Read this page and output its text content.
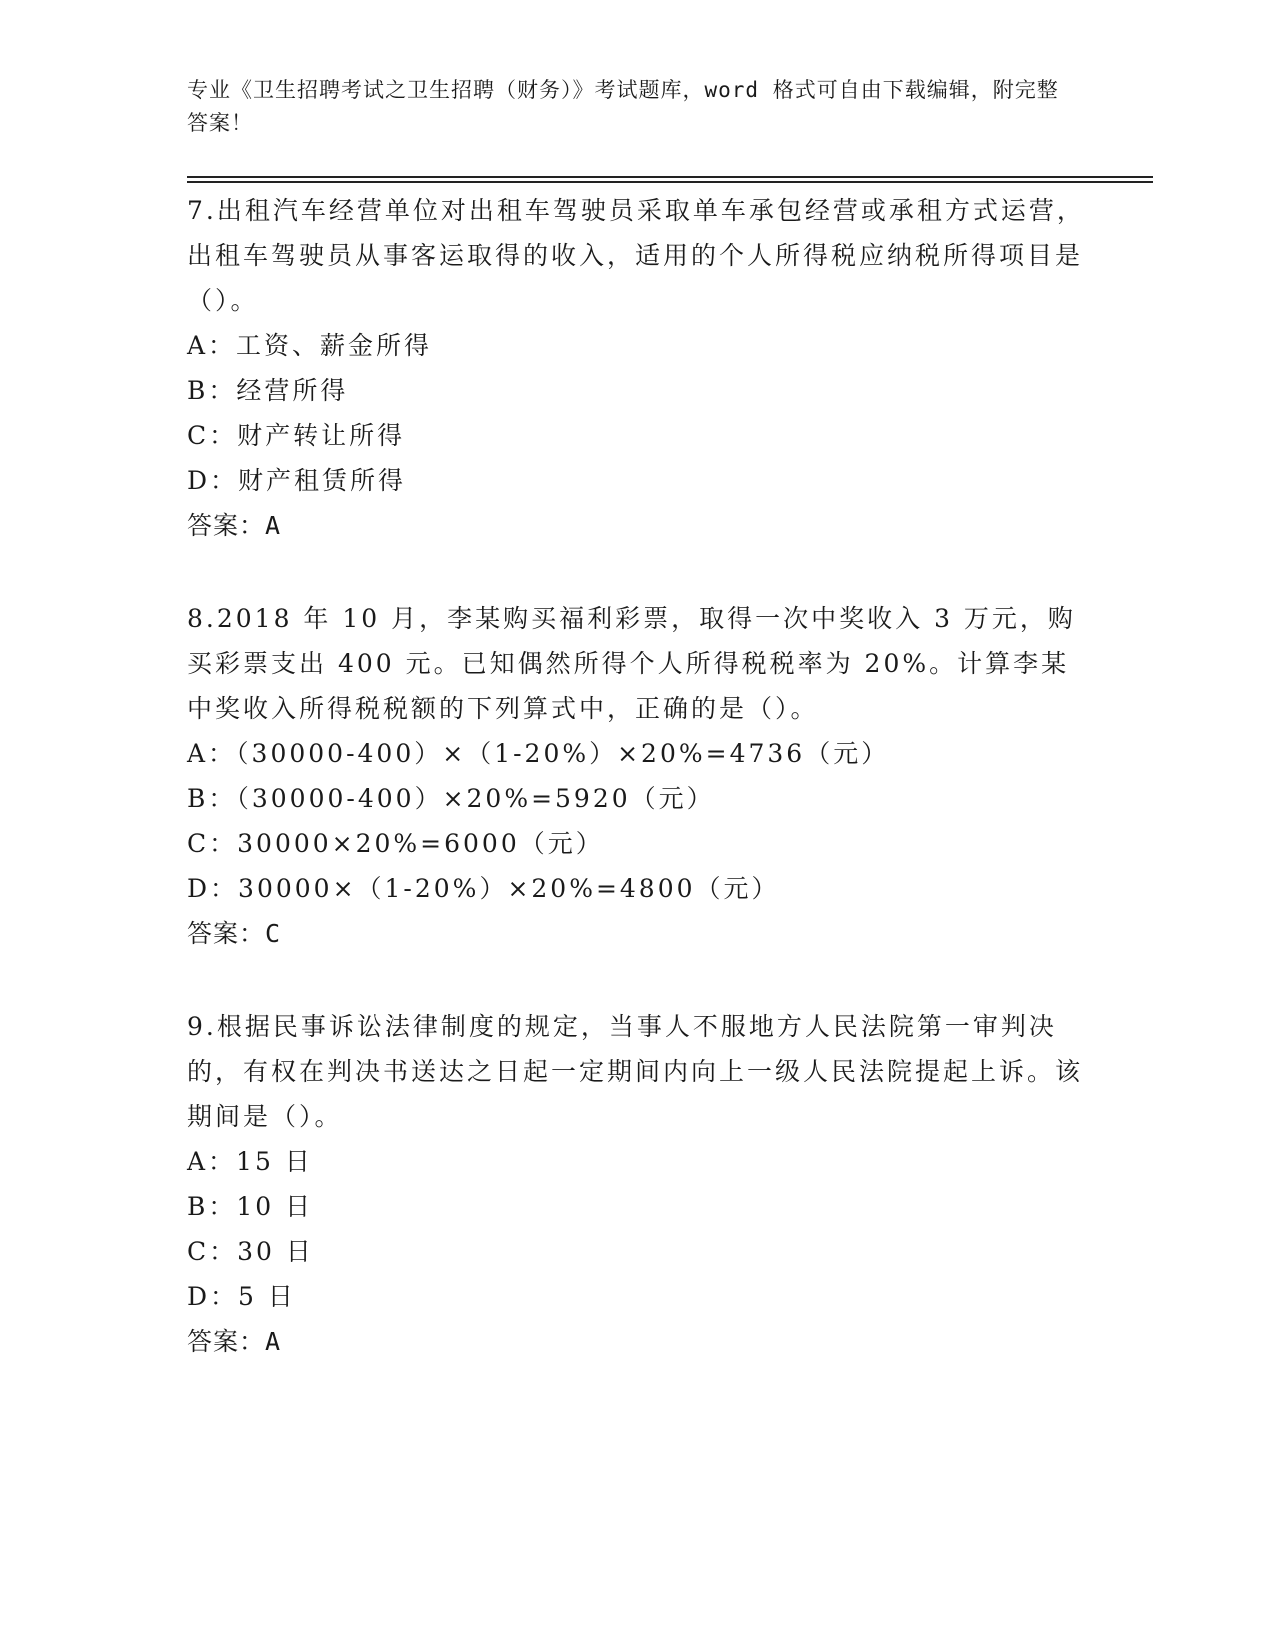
专业《卫生招聘考试之卫生招聘（财务）》考试题库，word 格式可自由下载编辑，附完整答案！

7.出租汽车经营单位对出租车驾驶员采取单车承包经营或承租方式运营，出租车驾驶员从事客运取得的收入，适用的个人所得税应纳税所得项目是（）。

A：工资、薪金所得

B：经营所得

C：财产转让所得

D：财产租赁所得

答案：A

8.2018 年 10 月，李某购买福利彩票，取得一次中奖收入 3 万元，购买彩票支出 400 元。已知偶然所得个人所得税税率为 20%。计算李某中奖收入所得税税额的下列算式中，正确的是（）。

A：（30000-400）×（1-20%）×20%=4736（元）

B：（30000-400）×20%=5920（元）

C：30000×20%=6000（元）

D：30000×（1-20%）×20%=4800（元）

答案：C

9.根据民事诉讼法律制度的规定，当事人不服地方人民法院第一审判决的，有权在判决书送达之日起一定期间内向上一级人民法院提起上诉。该期间是（）。

A：15 日

B：10 日

C：30 日

D：5 日

答案：A
